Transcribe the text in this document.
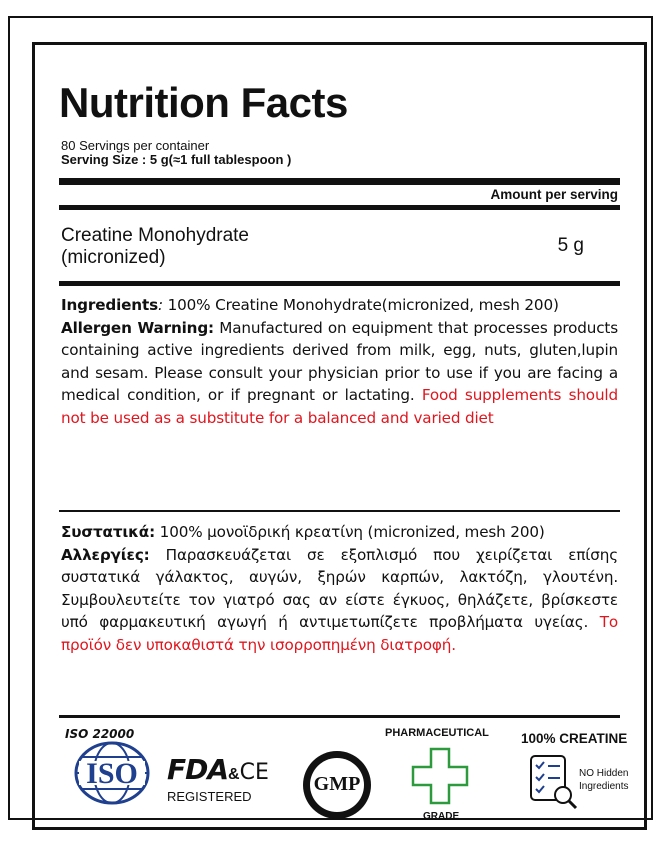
Nutrition Facts
80 Servings per container
Serving Size : 5 g(≈1 full tablespoon )
Amount per serving
Creatine Monohydrate
(micronized)
5 g
Ingredients: 100% Creatine Monohydrate(micronized, mesh 200)
Allergen Warning: Manufactured on equipment that processes products containing active ingredients derived from milk, egg, nuts, gluten,lupin and sesam. Please consult your physician prior to use if you are facing a medical condition, or if pregnant or lactating. Food supplements should not be used as a substitute for a balanced and varied diet
Συστατικά: 100% μονοϊδρική κρεατίνη (micronized, mesh 200)
Αλλεργίες: Παρασκευάζεται σε εξοπλισμό που χειρίζεται επίσης συστατικά γάλακτος, αυγών, ξηρών καρπών, λακτόζη, γλουτένη. Συμβουλευτείτε τον γιατρό σας αν είστε έγκυος, θηλάζετε, βρίσκεστε υπό φαρμακευτική αγωγή ή αντιμετωπίζετε προβλήματα υγείας. Το προϊόν δεν υποκαθιστά την ισορροπημένη διατροφή.
ISO 22000
ISO	FDA&CE
REGISTERED
GMP
PHARMACEUTICAL
GRADE
100% CREATINE
NO Hidden
Ingredients
